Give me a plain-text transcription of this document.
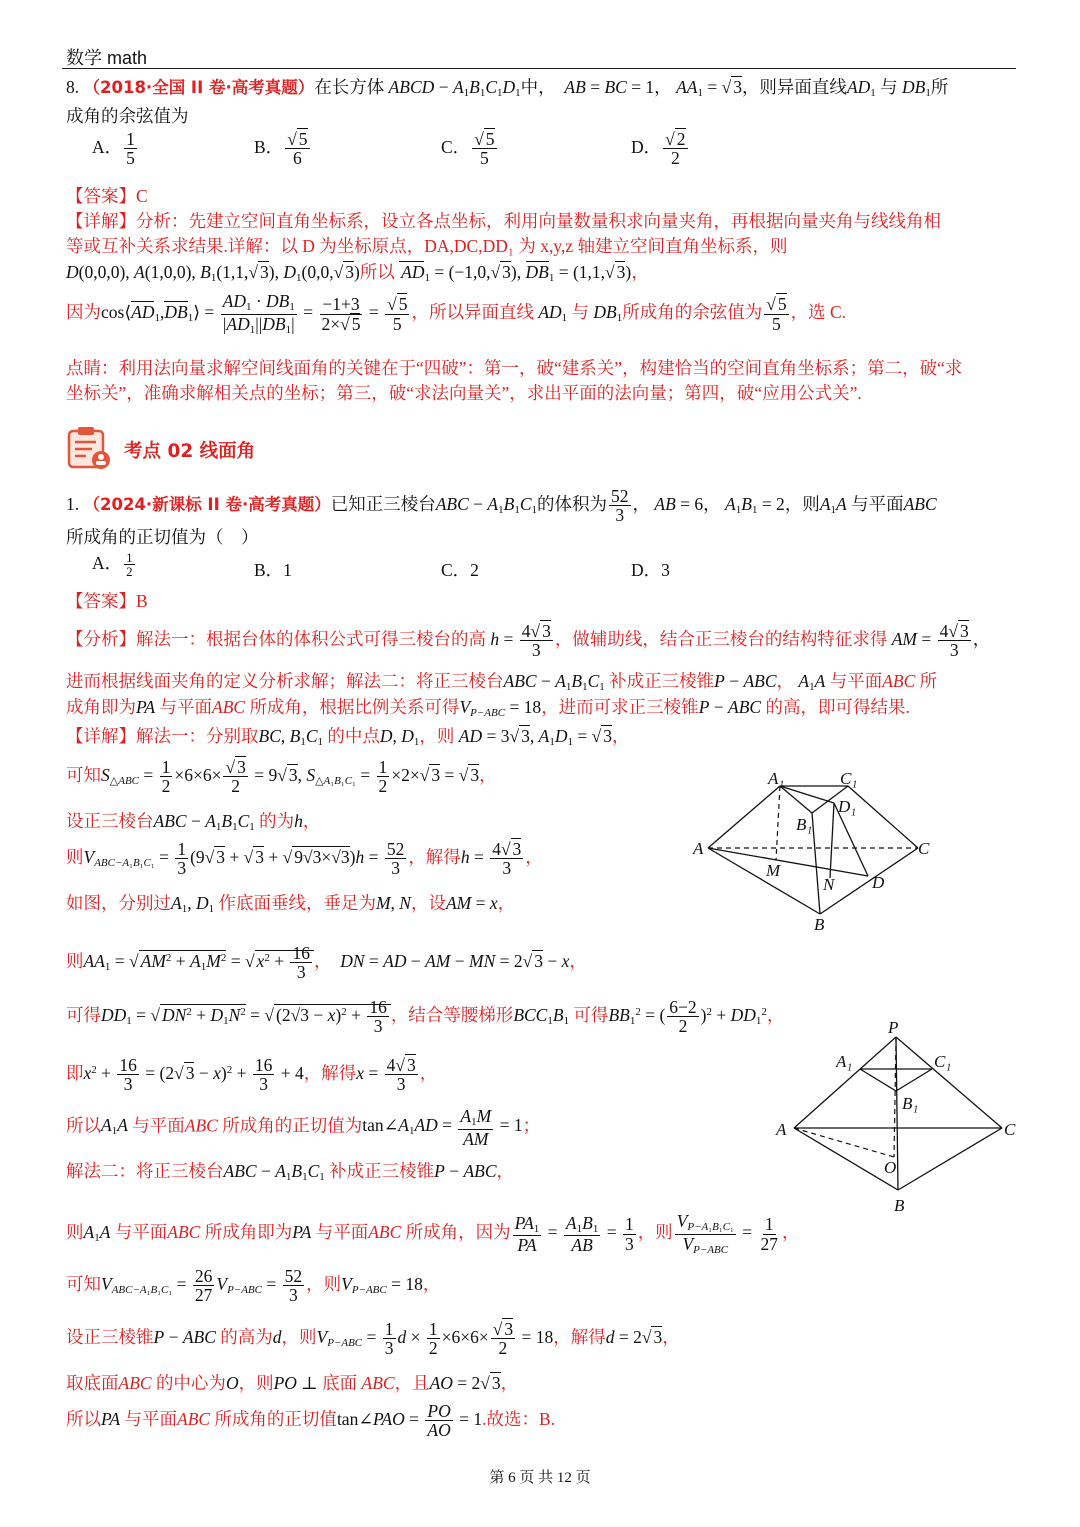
数学 math
8. （2018·全国 II 卷·高考真题）在长方体 ABCD − $A_1B_1C_1D_1$中， AB = BC = 1， $AA_1$ = √ 3，则异面直线$AD_1$ 与 $DB_1$所
成角的余弦值为
A． $\frac{1}{5}$	B．
√ $\frac{5}{6}$	C．
√ $\frac{5}{5}$	D．
√ $\frac{2}{2}$
【答案】C
【详解】分析：先建立空间直角坐标系，设立各点坐标，利用向量数量积求向量夹角，再根据向量夹角与线线角相
等或互补关系求结果.详解：以 D 为坐标原点，DA,DC,DD₁ 为 x,y,z 轴建立空间直角坐标系，则
D(0,0,0), A(1,0,0), $B_1(1,1,√$ 3), $D_1(0,0,√$ 3)所以 $AD_1 = (-1,0,√$ 3), $DB_1 = (1,1,√$ 3)，
因为$\cos⟨AD_1,DB_1⟩ = \frac{AD_1 \cdot DB_1}{|AD_1||DB_1|} = \frac{-1+3}{2\times√ 5}$ =
√ $\frac{5}{5}$ ，所以异面直线 $AD_1$ 与 $DB_1$所成角的余弦值为
√ $\frac{5}{5}$ ，选 C.
点睛：利用法向量求解空间线面角的关键在于“四破”：第一，破“建系关”，构建恰当的空间直角坐标系；第二，破“求
坐标关”，准确求解相关点的坐标；第三，破“求法向量关”，求出平面的法向量；第四，破“应用公式关”.
考点 02 线面角
1. （2024·新课标 II 卷·高考真题）已知正三棱台ABC − $A_1B_1C_1$的体积为 $\frac{52}{3}$ ， AB = 6， $A_1B_1 = 2$，则$A_1A$ 与平面ABC
所成角的正切值为（　）
A． $\frac{1}{2}$	B．1	C．2	D．3
【答案】B
【分析】解法一：根据台体的体积公式可得三棱台的高 $h = \frac{4√ 3}{3}$ ，做辅助线，结合正三棱台的结构特征求得 AM = $\frac{4√ 3}{3}$ ，
进而根据线面夹角的定义分析求解；解法二：将正三棱台ABC − $A_1B_1C_1$ 补成正三棱锥P − ABC， $A_1A$ 与平面ABC 所
成角即为PA 与平面ABC 所成角，根据比例关系可得$V_{P-ABC} = 18$，进而可求正三棱锥P − ABC 的高，即可得结果.
【详解】解法一：分别取BC, $B_1C_1$ 的中点D, $D_1$，则 AD = 3√ 3, $A_1D_1$ = √ 3，
可知$S_{\triangle ABC} = \frac{1}{2} \times 6\times 6\times$
√ $\frac{3}{2} = 9√$ 3, $S_{\triangle A_1B_1C_1} = \frac{1}{2} \times 2\times√$ 3 = √ 3，
设正三棱台ABC − $A_1B_1C_1$ 的为h，
则$V_{ABC-A_1B_1C_1} = \frac{1}{3} (9√$ 3 + √ 3 + √ 9√ 3×√ $3)h = \frac{52}{3}$ ，解得$h = \frac{4√ 3}{3}$ ，
如图，分别过$A_1$, $D_1$ 作底面垂线，垂足为M, N，设AM = x，
则$AA_1$ = √ $AM^2 + A_1M^2$ = √ $x^2 + \frac{16}{3}$ ，  DN = AD − AM − MN = 2√ 3 − x，
可得$DD_1$ = √ $DN^2 + D_1N^2$ = √ (2√ $3 - x)^2 + \frac{16}{3}$ ，结合等腰梯形$BCC_1B_1$ 可得$BB_1^2$ = ( $\frac{6-2}{2} )^2 + DD_1^2$，
即$x^2 + \frac{16}{3} = (2√$ $3 - x)^2 + \frac{16}{3} + 4$，解得$x = \frac{4√ 3}{3}$ ，
所以$A_1A$ 与平面ABC 所成角的正切值为$\tan\angle A_1AD = \frac{A_1M}{AM} = 1$；
解法二：将正三棱台ABC − $A_1B_1C_1$ 补成正三棱锥P − ABC，
则$A_1A$ 与平面ABC 所成角即为PA 与平面ABC 所成角，因为 $\frac{PA_1}{PA} = \frac{A_1B_1}{AB} = \frac{1}{3}$ ，则 $\frac{V_{P-A_1B_1C_1}}{V_{P-ABC}} = \frac{1}{27}$ ，
可知$V_{ABC-A_1B_1C_1} = \frac{26}{27} V_{P-ABC} = \frac{52}{3}$ ，则$V_{P-ABC} = 18$，
设正三棱锥P − ABC 的高为d，则$V_{P-ABC} = \frac{1}{3}$ $d \times \frac{1}{2} \times 6\times 6\times$
√ $\frac{3}{2} = 18$，解得d = 2√ 3，
取底面ABC 的中心为O，则PO ⊥ 底面 ABC，且AO = 2√ 3，
所以PA 与平面ABC 所成角的正切值tan∠PAO = $\frac{PO}{AO} = 1$.故选：B.
A₁	C₁
D₁
B₁
A	C
M
N D
B
P
A₁	C₁
B₁
A	C
O
B
第 6 页 共 12 页
